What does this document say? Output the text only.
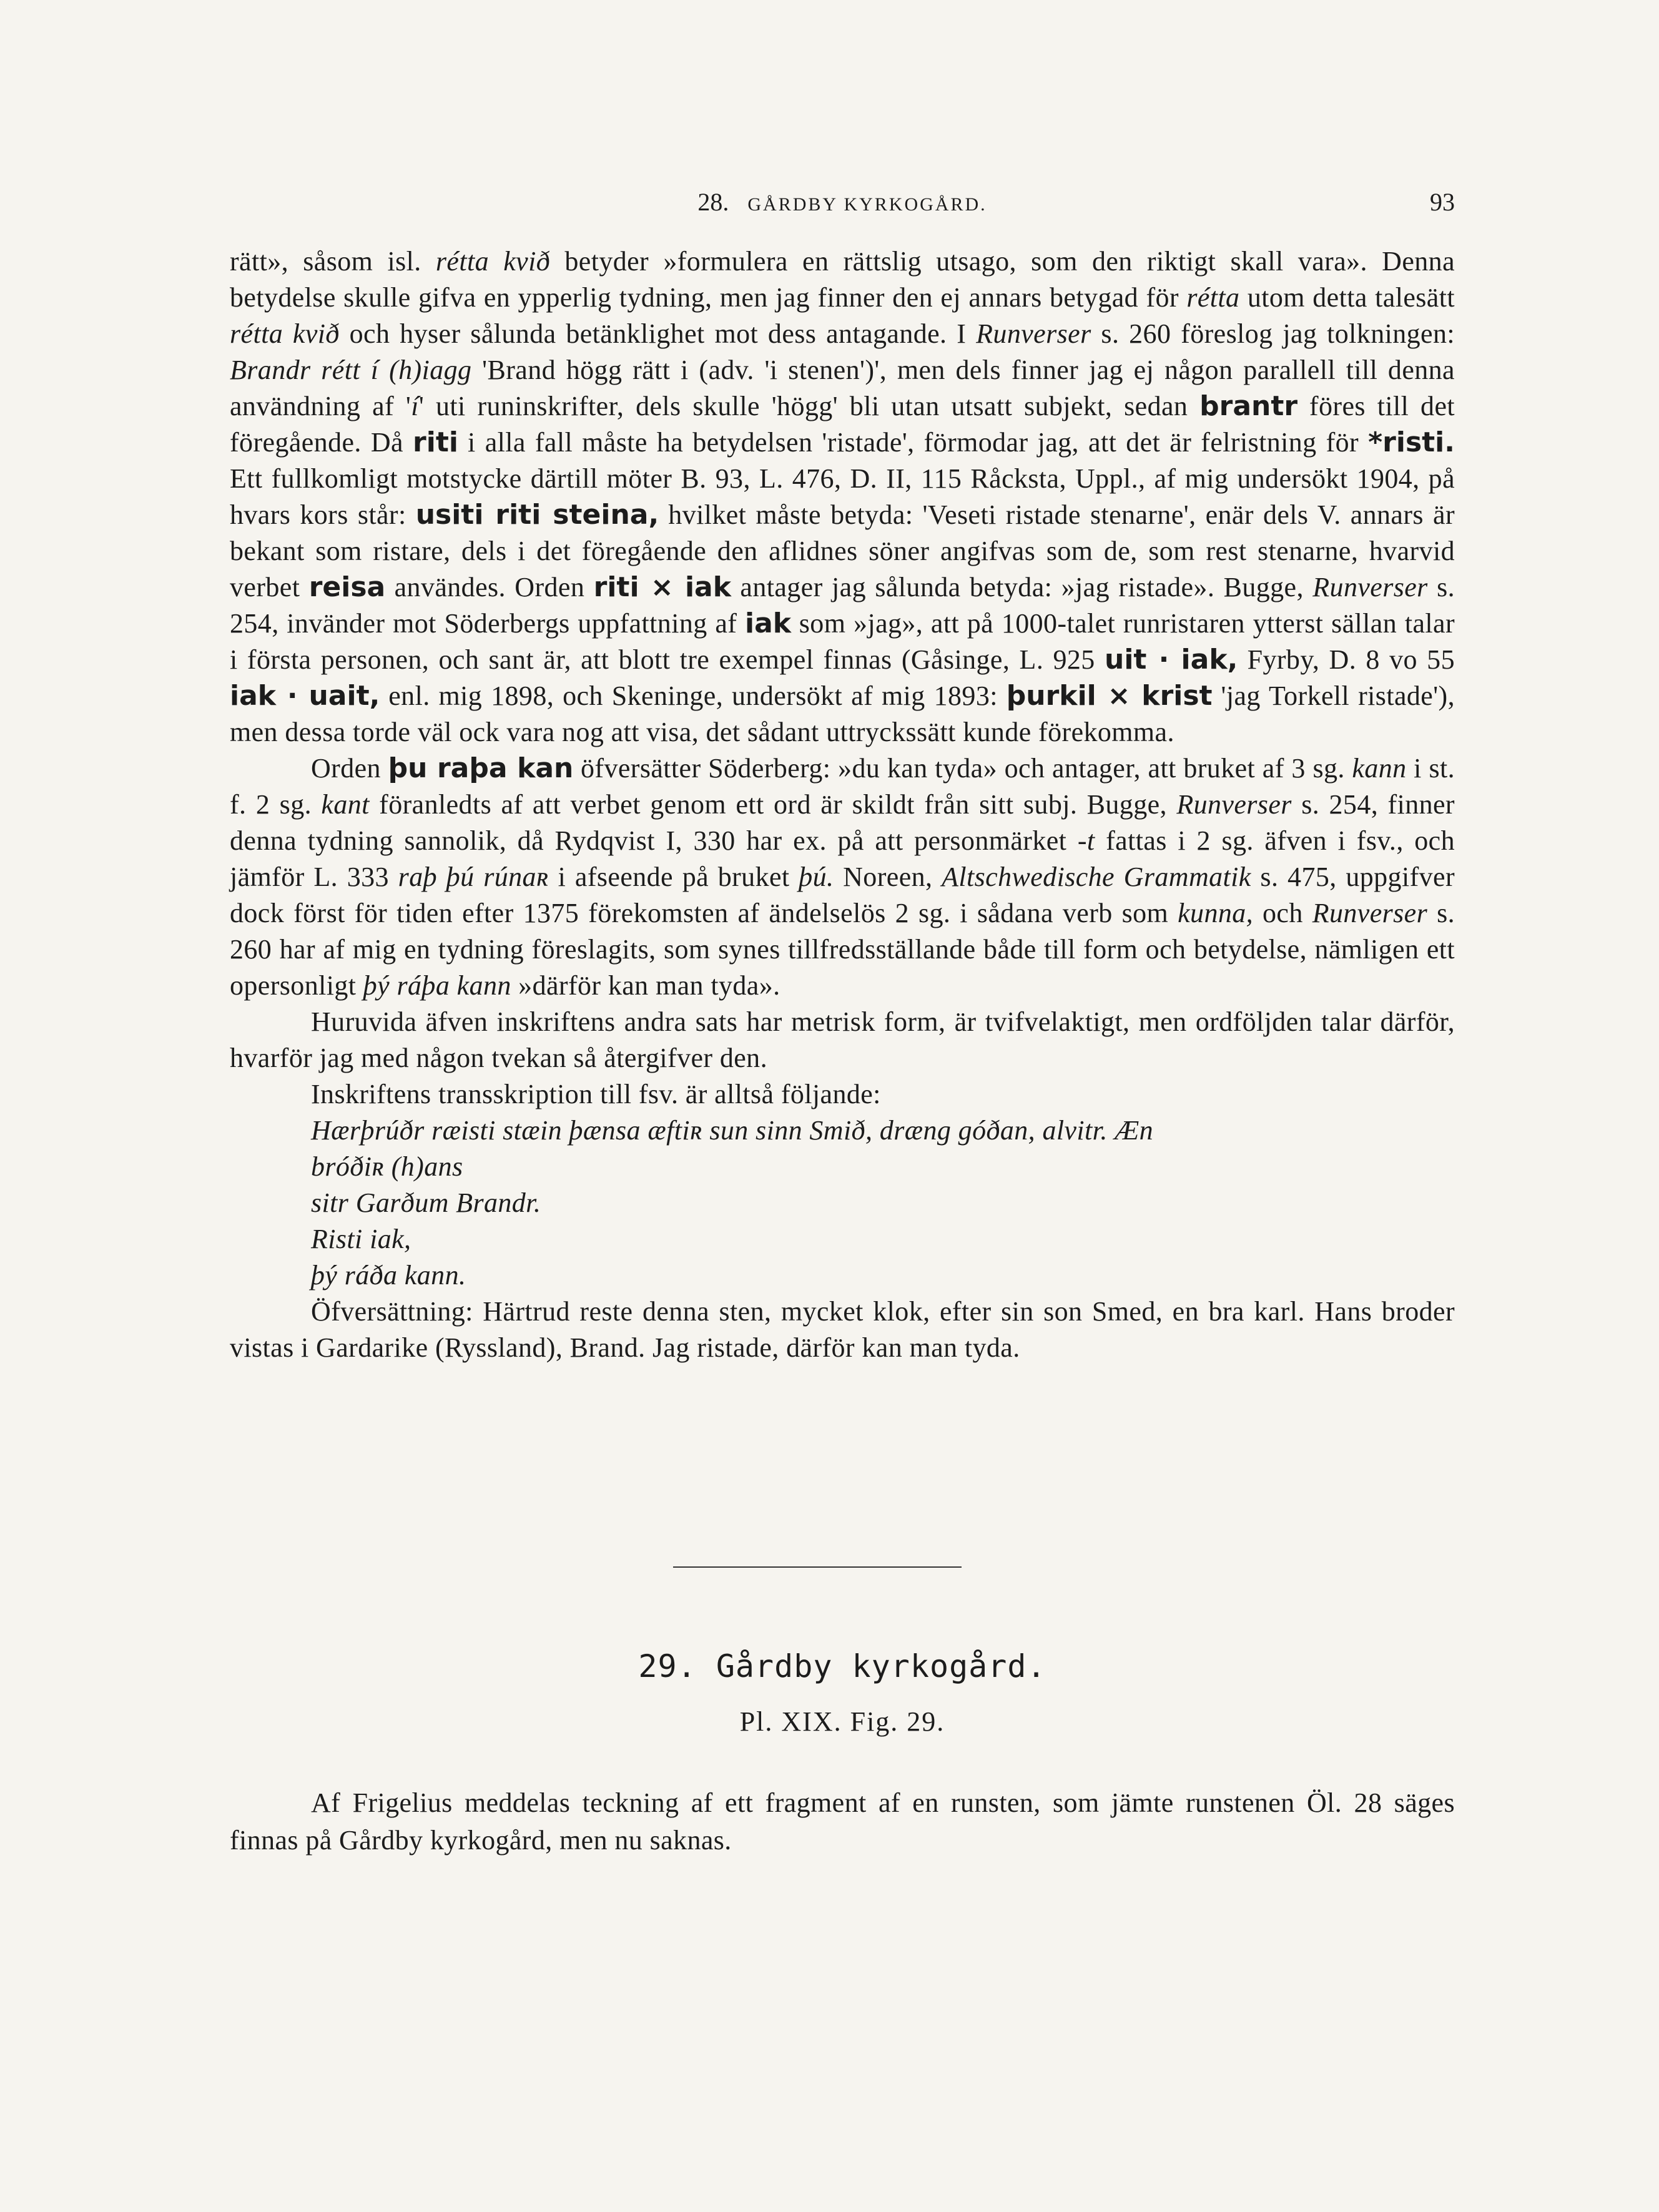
28. GÅRDBY KYRKOGÅRD.	93

rätt», såsom isl. rétta kvið betyder »formulera en rättslig utsago, som den riktigt skall vara». Denna betydelse skulle gifva en ypperlig tydning, men jag finner den ej annars betygad för rétta utom detta talesätt rétta kvið och hyser sålunda betänklighet mot dess antagande. I Runverser s. 260 föreslog jag tolkningen: Brandr rétt í (h)iagg 'Brand högg rätt i (adv. 'i stenen')', men dels finner jag ej någon parallell till denna användning af 'í' uti runinskrifter, dels skulle 'högg' bli utan utsatt subjekt, sedan brantr föres till det föregående. Då riti i alla fall måste ha betydelsen 'ristade', förmodar jag, att det är felristning för *risti. Ett fullkomligt motstycke därtill möter B. 93, L. 476, D. II, 115 Råcksta, Uppl., af mig undersökt 1904, på hvars kors står: usiti riti steina, hvilket måste betyda: 'Veseti ristade stenarne', enär dels V. annars är bekant som ristare, dels i det föregående den aflidnes söner angifvas som de, som rest stenarne, hvarvid verbet reisa användes. Orden riti × iak antager jag sålunda betyda: »jag ristade». Bugge, Runverser s. 254, invänder mot Söderbergs uppfattning af iak som »jag», att på 1000-talet runristaren ytterst sällan talar i första personen, och sant är, att blott tre exempel finnas (Gåsinge, L. 925 uit · iak, Fyrby, D. 8 vo 55 iak · uait, enl. mig 1898, och Skeninge, undersökt af mig 1893: þurkil × krist 'jag Torkell ristade'), men dessa torde väl ock vara nog att visa, det sådant uttryckssätt kunde förekomma.

Orden þu raþa kan öfversätter Söderberg: »du kan tyda» och antager, att bruket af 3 sg. kann i st. f. 2 sg. kant föranledts af att verbet genom ett ord är skildt från sitt subj. Bugge, Runverser s. 254, finner denna tydning sannolik, då Rydqvist I, 330 har ex. på att personmärket -t fattas i 2 sg. äfven i fsv., och jämför L. 333 raþ þú rúnaʀ i afseende på bruket þú. Noreen, Altschwedische Grammatik s. 475, uppgifver dock först för tiden efter 1375 förekomsten af ändelselös 2 sg. i sådana verb som kunna, och Runverser s. 260 har af mig en tydning föreslagits, som synes tillfredsställande både till form och betydelse, nämligen ett opersonligt þý ráþa kann »därför kan man tyda».

Huruvida äfven inskriftens andra sats har metrisk form, är tvifvelaktigt, men ordföljden talar därför, hvarför jag med någon tvekan så återgifver den.

Inskriftens transskription till fsv. är alltså följande:

Hærþrúðr ræisti stæin þænsa æftiʀ sun sinn Smið, dræng góðan, alvitr. Æn
bróðiʀ (h)ans
sitr Garðum Brandr.
Risti iak,
þý ráða kann.

Öfversättning: Härtrud reste denna sten, mycket klok, efter sin son Smed, en bra karl. Hans broder vistas i Gardarike (Ryssland), Brand. Jag ristade, därför kan man tyda.

29. Gårdby kyrkogård.
Pl. XIX. Fig. 29.

Af Frigelius meddelas teckning af ett fragment af en runsten, som jämte runstenen Öl. 28 säges finnas på Gårdby kyrkogård, men nu saknas.
